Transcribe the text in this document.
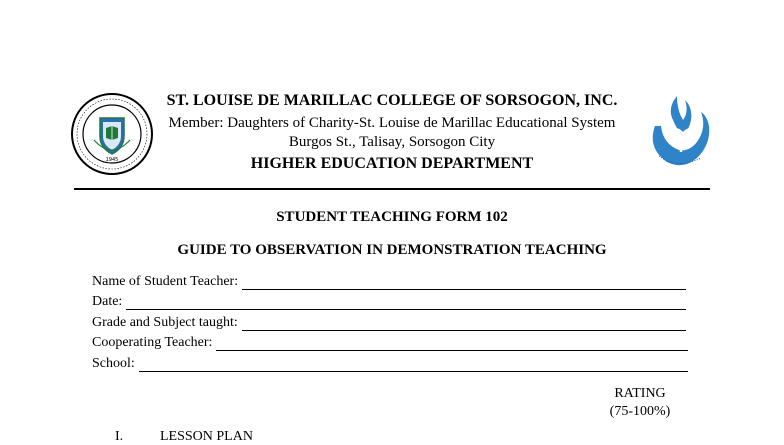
1945
ST. LOUISE DE MARILLAC COLLEGE OF SORSOGON, INC.
Member: Daughters of Charity-St. Louise de Marillac Educational System
Burgos St., Talisay, Sorsogon City
HIGHER EDUCATION DEPARTMENT
STUDENT TEACHING FORM 102
GUIDE TO OBSERVATION IN DEMONSTRATION TEACHING
Name of Student Teacher:
Date:
Grade and Subject taught:
Cooperating Teacher:
School:
RATING
(75-100%)
I.	LESSON PLAN
